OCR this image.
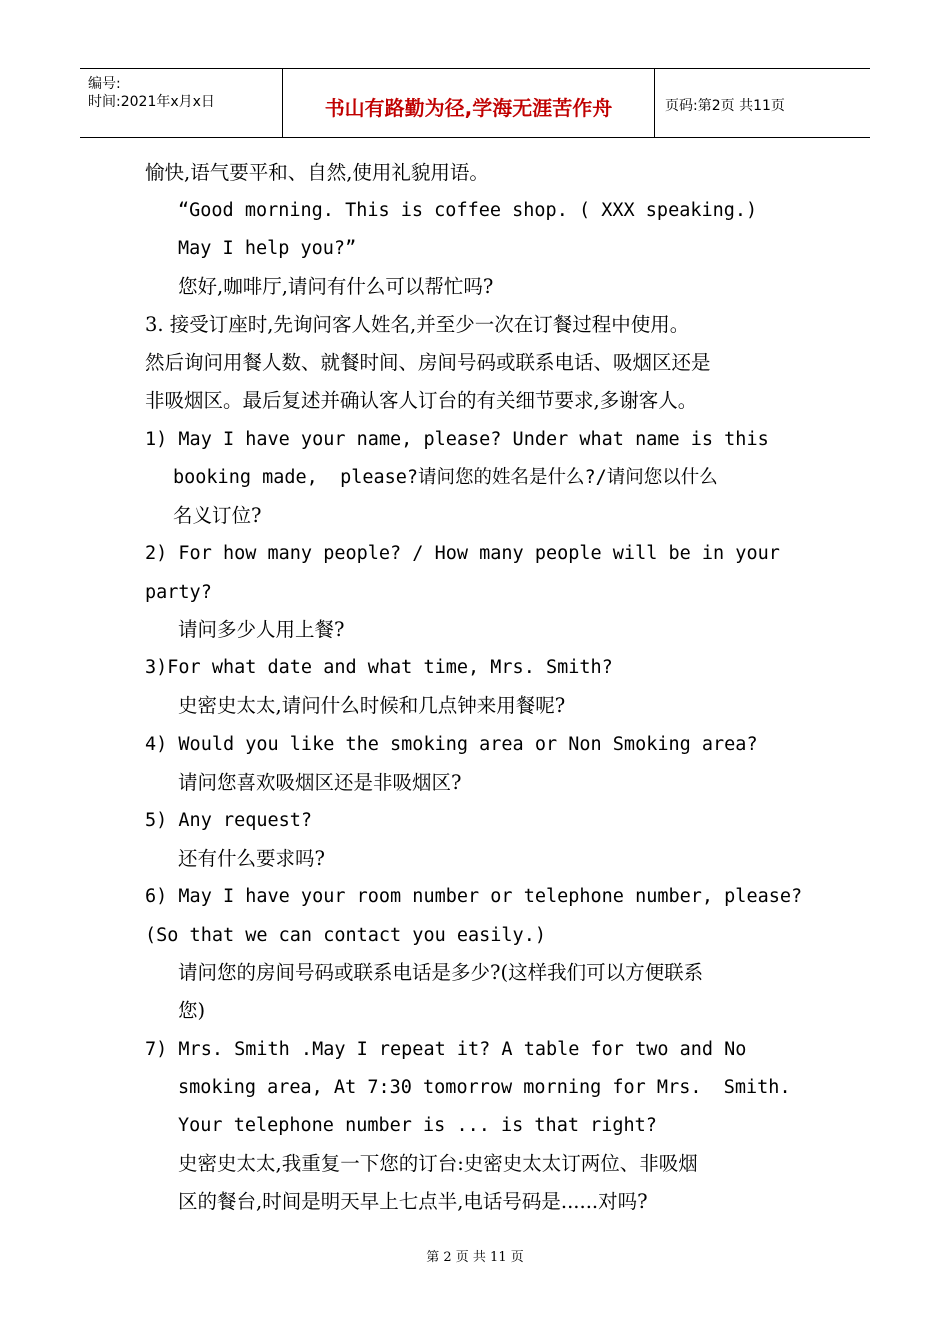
编号:
时间:2021年x月x日	书山有路勤为径,学海无涯苦作舟	页码:第2页 共11页
愉快,语气要平和、自然,使用礼貌用语。
“Good morning. This is coffee shop. ( XXX speaking.)
May I help you?”
您好,咖啡厅,请问有什么可以帮忙吗?
3. 接受订座时,先询问客人姓名,并至少一次在订餐过程中使用。
然后询问用餐人数、就餐时间、房间号码或联系电话、吸烟区还是
非吸烟区。最后复述并确认客人订台的有关细节要求,多谢客人。
1) May I have your name, please? Under what name is this
booking made,  please?请问您的姓名是什么?/请问您以什么
名义订位?
2) For how many people? / How many people will be in your
party?
请问多少人用上餐?
3)For what date and what time, Mrs. Smith?
史密史太太,请问什么时候和几点钟来用餐呢?
4) Would you like the smoking area or Non Smoking area?
请问您喜欢吸烟区还是非吸烟区?
5) Any request?
还有什么要求吗?
6) May I have your room number or telephone number, please?
(So that we can contact you easily.)
请问您的房间号码或联系电话是多少?(这样我们可以方便联系
您)
7) Mrs. Smith .May I repeat it? A table for two and No
smoking area, At 7:30 tomorrow morning for Mrs.  Smith.
Your telephone number is ... is that right?
史密史太太,我重复一下您的订台:史密史太太订两位、非吸烟
区的餐台,时间是明天早上七点半,电话号码是......对吗?
第 2 页 共 11 页
